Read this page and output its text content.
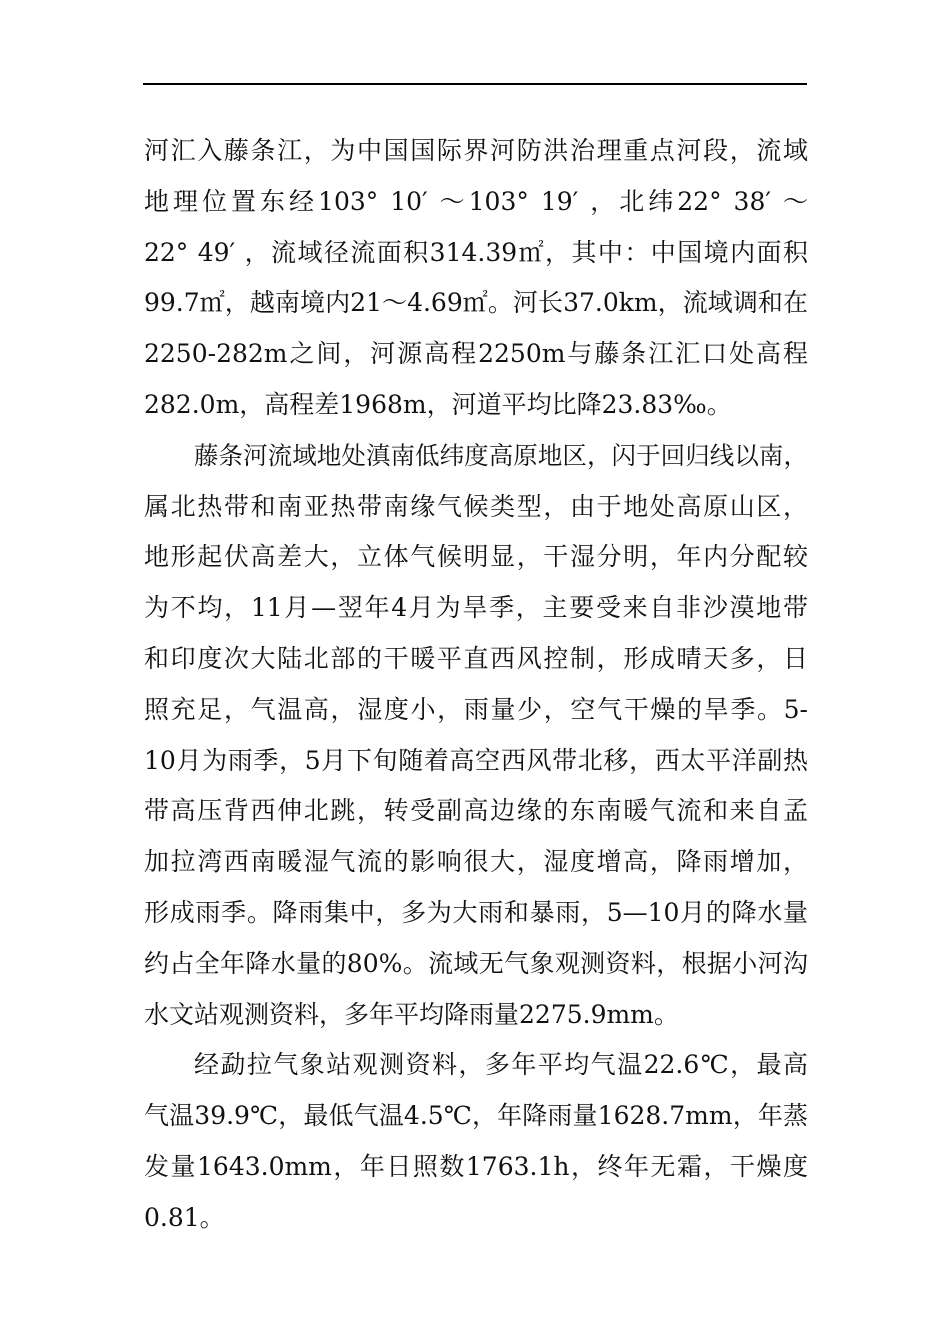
河汇入藤条江，为中国国际界河防洪治理重点河段，流域
地理位置东经103° 10′ ～103° 19′ ，北纬22° 38′ ～
22° 49′ ，流域径流面积314.39㎡，其中：中国境内面积
99.7㎡，越南境内21～4.69㎡。河长37.0km，流域调和在
2250-282m之间，河源高程2250m与藤条江汇口处高程
282.0m，高程差1968m，河道平均比降23.83‰。
藤条河流域地处滇南低纬度高原地区，闪于回归线以南，
属北热带和南亚热带南缘气候类型，由于地处高原山区，
地形起伏高差大，立体气候明显，干湿分明，年内分配较
为不均，11月—翌年4月为旱季，主要受来自非沙漠地带
和印度次大陆北部的干暖平直西风控制，形成晴天多，日
照充足，气温高，湿度小，雨量少，空气干燥的旱季。5-
10月为雨季，5月下旬随着高空西风带北移，西太平洋副热
带高压背西伸北跳，转受副高边缘的东南暖气流和来自孟
加拉湾西南暖湿气流的影响很大，湿度增高，降雨增加，
形成雨季。降雨集中，多为大雨和暴雨，5—10月的降水量
约占全年降水量的80%。流域无气象观测资料，根据小河沟
水文站观测资料，多年平均降雨量2275.9mm。
经勐拉气象站观测资料，多年平均气温22.6℃，最高
气温39.9℃，最低气温4.5℃，年降雨量1628.7mm，年蒸
发量1643.0mm，年日照数1763.1h，终年无霜，干燥度
0.81。
